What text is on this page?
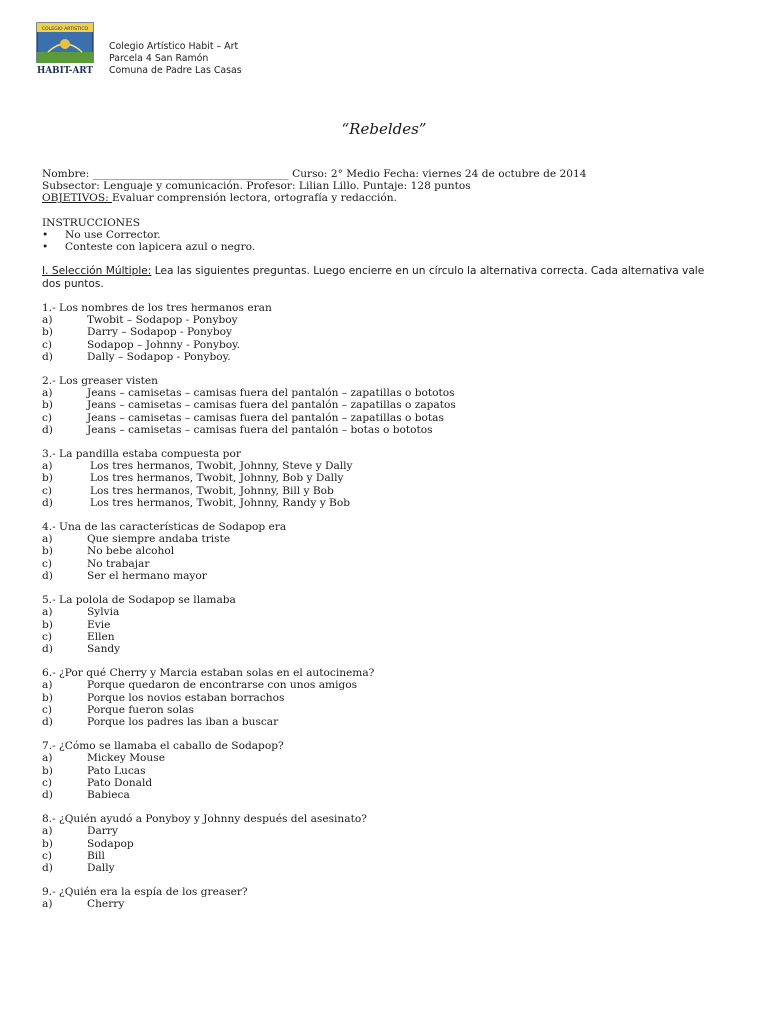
COLEGIO ARTISTICO
HABIT-ART
Colegio Artístico Habit – Art
Parcela 4 San Ramón
Comuna de Padre Las Casas
“Rebeldes”
Nombre: _____________________________________ Curso: 2° Medio Fecha: viernes 24 de octubre de 2014
Subsector: Lenguaje y comunicación. Profesor: Lilian Lillo. Puntaje: 128 puntos
OBJETIVOS: Evaluar comprensión lectora, ortografía y redacción.
INSTRUCCIONES
• No use Corrector.
• Conteste con lapicera azul o negro.
I. Selección Múltiple: Lea las siguientes preguntas. Luego encierre en un círculo la alternativa correcta. Cada alternativa vale dos puntos.
1.- Los nombres de los tres hermanos eran
a)	Twobit – Sodapop - Ponyboy
b)	Darry – Sodapop - Ponyboy
c)	Sodapop – Johnny - Ponyboy.
d)	Dally – Sodapop - Ponyboy.
2.- Los greaser visten
a)	Jeans – camisetas – camisas fuera del pantalón – zapatillas o bototos
b)	Jeans – camisetas – camisas fuera del pantalón – zapatillas o zapatos
c)	Jeans – camisetas – camisas fuera del pantalón – zapatillas o botas
d)	Jeans – camisetas – camisas fuera del pantalón – botas o bototos
3.- La pandilla estaba compuesta por
a)	Los tres hermanos, Twobit, Johnny, Steve y Dally
b)	Los tres hermanos, Twobit, Johnny, Bob y Dally
c)	Los tres hermanos, Twobit, Johnny, Bill y Bob
d)	Los tres hermanos, Twobit, Johnny, Randy y Bob
4.- Una de las características de Sodapop era
a)	Que siempre andaba triste
b)	No bebe alcohol
c)	No trabajar
d)	Ser el hermano mayor
5.- La polola de Sodapop se llamaba
a)	Sylvia
b)	Evie
c)	Ellen
d)	Sandy
6.- ¿Por qué Cherry y Marcia estaban solas en el autocinema?
a)	Porque quedaron de encontrarse con unos amigos
b)	Porque los novios estaban borrachos
c)	Porque fueron solas
d)	Porque los padres las iban a buscar
7.- ¿Cómo se llamaba el caballo de Sodapop?
a)	Mickey Mouse
b)	Pato Lucas
c)	Pato Donald
d)	Babieca
8.- ¿Quién ayudó a Ponyboy y Johnny después del asesinato?
a)	Darry
b)	Sodapop
c)	Bill
d)	Dally
9.- ¿Quién era la espía de los greaser?
a)	Cherry
